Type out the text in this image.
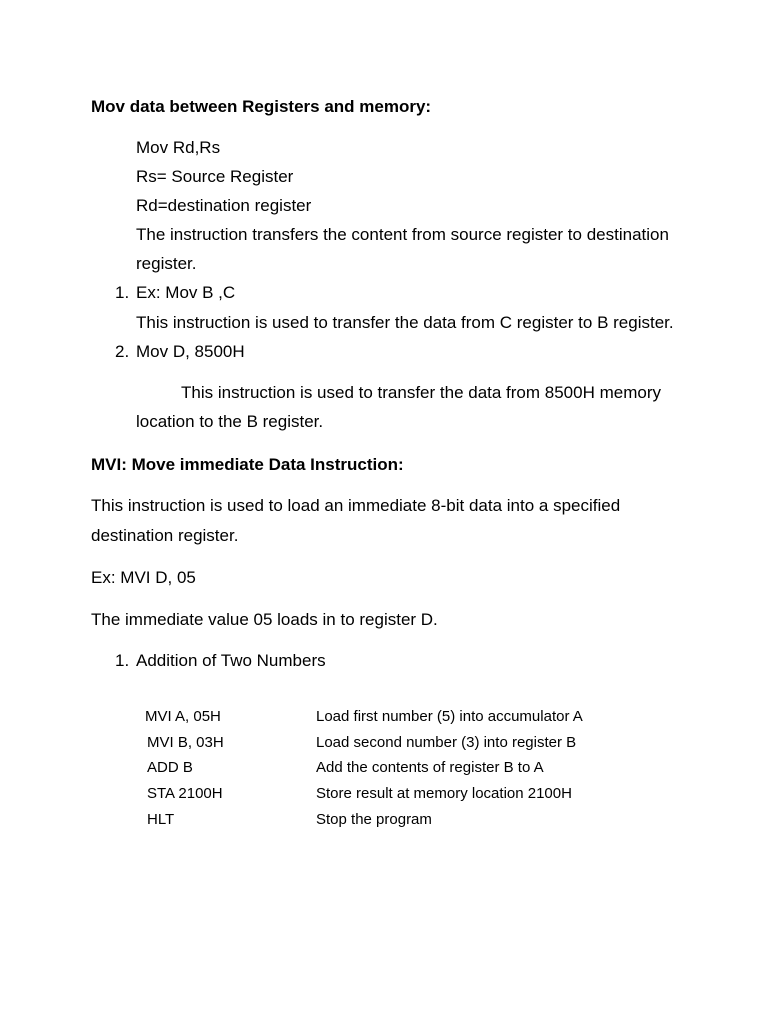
Mov data between Registers and memory:
Mov Rd,Rs
Rs= Source Register
Rd=destination register
The instruction transfers the content from source register to destination
register.
1. Ex: Mov B ,C
This instruction is used to transfer the data from C register to B register.
2. Mov D, 8500H
This instruction is used to transfer the data from 8500H memory
location to the B register.
MVI: Move immediate Data Instruction:
This instruction is used to load an immediate 8-bit data into a specified
destination register.
Ex: MVI D, 05
The immediate value 05 loads in to register D.
1. Addition of Two Numbers
MVI A, 05H	Load first number (5) into accumulator A
MVI B, 03H	Load second number (3) into register B
ADD B	Add the contents of register B to A
STA 2100H	Store result at memory location 2100H
HLT	Stop the program
